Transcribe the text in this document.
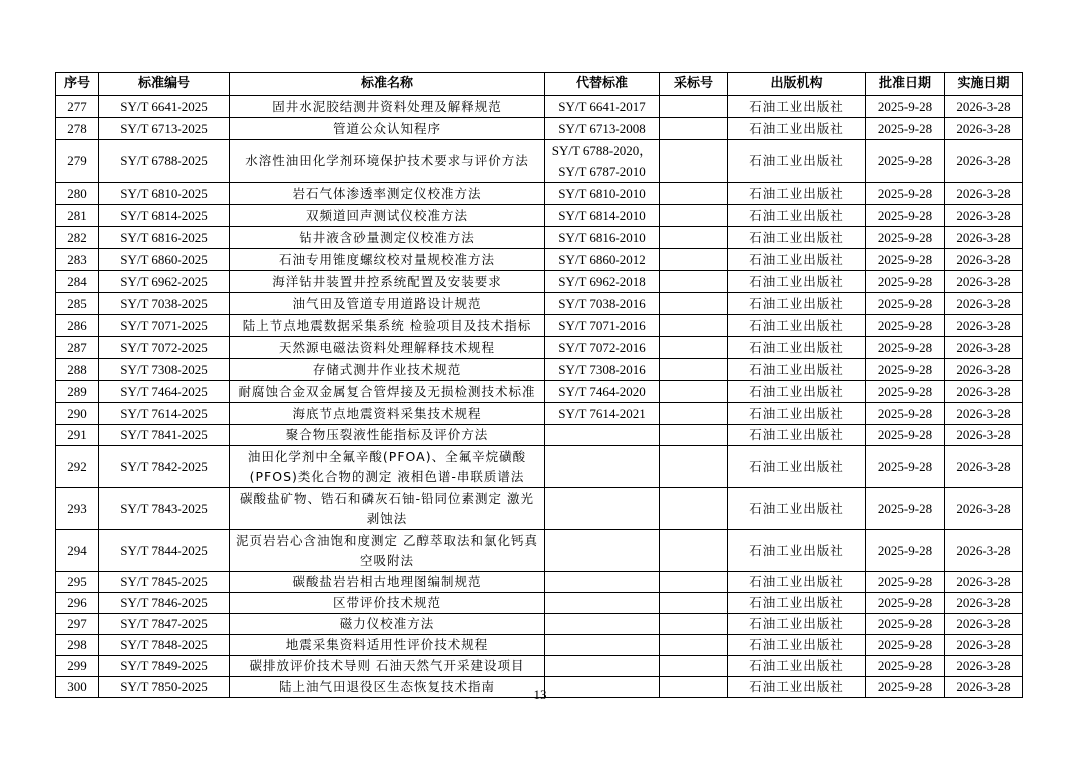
序号	标准编号	标准名称	代替标准	采标号	出版机构	批准日期	实施日期
277	SY/T 6641-2025	固井水泥胶结测井资料处理及解释规范	SY/T 6641-2017		石油工业出版社	2025-9-28	2026-3-28
278	SY/T 6713-2025	管道公众认知程序	SY/T 6713-2008		石油工业出版社	2025-9-28	2026-3-28
279	SY/T 6788-2025	水溶性油田化学剂环境保护技术要求与评价方法	SY/T 6788-2020，
SY/T 6787-2010		石油工业出版社	2025-9-28	2026-3-28
280	SY/T 6810-2025	岩石气体渗透率测定仪校准方法	SY/T 6810-2010		石油工业出版社	2025-9-28	2026-3-28
281	SY/T 6814-2025	双频道回声测试仪校准方法	SY/T 6814-2010		石油工业出版社	2025-9-28	2026-3-28
282	SY/T 6816-2025	钻井液含砂量测定仪校准方法	SY/T 6816-2010		石油工业出版社	2025-9-28	2026-3-28
283	SY/T 6860-2025	石油专用锥度螺纹校对量规校准方法	SY/T 6860-2012		石油工业出版社	2025-9-28	2026-3-28
284	SY/T 6962-2025	海洋钻井装置井控系统配置及安装要求	SY/T 6962-2018		石油工业出版社	2025-9-28	2026-3-28
285	SY/T 7038-2025	油气田及管道专用道路设计规范	SY/T 7038-2016		石油工业出版社	2025-9-28	2026-3-28
286	SY/T 7071-2025	陆上节点地震数据采集系统 检验项目及技术指标	SY/T 7071-2016		石油工业出版社	2025-9-28	2026-3-28
287	SY/T 7072-2025	天然源电磁法资料处理解释技术规程	SY/T 7072-2016		石油工业出版社	2025-9-28	2026-3-28
288	SY/T 7308-2025	存储式测井作业技术规范	SY/T 7308-2016		石油工业出版社	2025-9-28	2026-3-28
289	SY/T 7464-2025	耐腐蚀合金双金属复合管焊接及无损检测技术标准	SY/T 7464-2020		石油工业出版社	2025-9-28	2026-3-28
290	SY/T 7614-2025	海底节点地震资料采集技术规程	SY/T 7614-2021		石油工业出版社	2025-9-28	2026-3-28
291	SY/T 7841-2025	聚合物压裂液性能指标及评价方法			石油工业出版社	2025-9-28	2026-3-28
292	SY/T 7842-2025	油田化学剂中全氟辛酸(PFOA)、全氟辛烷磺酸(PFOS)类化合物的测定 液相色谱-串联质谱法			石油工业出版社	2025-9-28	2026-3-28
293	SY/T 7843-2025	碳酸盐矿物、锆石和磷灰石铀-铅同位素测定 激光剥蚀法			石油工业出版社	2025-9-28	2026-3-28
294	SY/T 7844-2025	泥页岩岩心含油饱和度测定 乙醇萃取法和氯化钙真空吸附法			石油工业出版社	2025-9-28	2026-3-28
295	SY/T 7845-2025	碳酸盐岩岩相古地理图编制规范			石油工业出版社	2025-9-28	2026-3-28
296	SY/T 7846-2025	区带评价技术规范			石油工业出版社	2025-9-28	2026-3-28
297	SY/T 7847-2025	磁力仪校准方法			石油工业出版社	2025-9-28	2026-3-28
298	SY/T 7848-2025	地震采集资料适用性评价技术规程			石油工业出版社	2025-9-28	2026-3-28
299	SY/T 7849-2025	碳排放评价技术导则 石油天然气开采建设项目			石油工业出版社	2025-9-28	2026-3-28
300	SY/T 7850-2025	陆上油气田退役区生态恢复技术指南			石油工业出版社	2025-9-28	2026-3-28
13
